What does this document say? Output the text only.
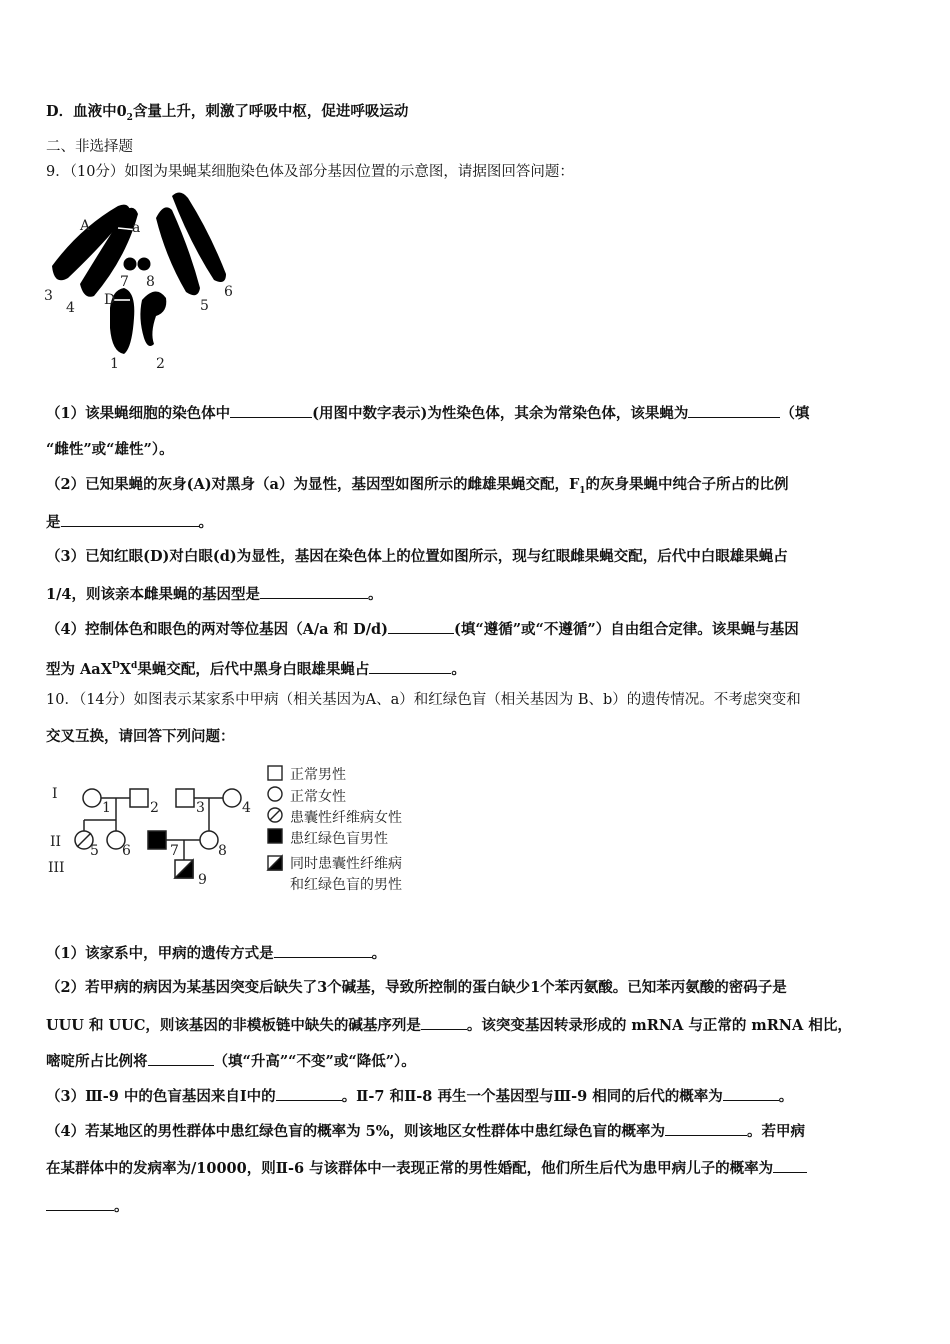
D．血液中$0_2$含量上升，刺激了呼吸中枢，促进呼吸运动
二、非选择题
9．（10分）如图为果蝇某细胞染色体及部分基因位置的示意图，请据图回答问题：
A	a
D
1	2
3
4	5
6
7 8
（1）该果蝇细胞的染色体中	(用图中数字表示)为性染色体，其余为常染色体，该果蝇为	（填
“雌性”或“雄性”）。
（2）已知果蝇的灰身(A)对黑身（a）为显性，基因型如图所示的雌雄果蝇交配，$F_1$的灰身果蝇中纯合子所占的比例
是	。
（3）已知红眼(D)对白眼(d)为显性，基因在染色体上的位置如图所示，现与红眼雌果蝇交配，后代中白眼雄果蝇占
1/4，则该亲本雌果蝇的基因型是	。
（4）控制体色和眼色的两对等位基因（A/a 和 D/d)	(填“遵循”或“不遵循”）自由组合定律。该果蝇与基因
型为 $AaX^DX^d$果蝇交配，后代中黑身白眼雄果蝇占	。
10．（14分）如图表示某家系中甲病（相关基因为A、a）和红绿色盲（相关基因为 B、b）的遗传情况。不考虑突变和
交叉互换，请回答下列问题：
I
II
III
1	2	3	4
5 6	7	8
9
正常男性
正常女性
患囊性纤维病女性
患红绿色盲男性
同时患囊性纤维病
和红绿色盲的男性
（1）该家系中，甲病的遗传方式是	。
（2）若甲病的病因为某基因突变后缺失了3个碱基，导致所控制的蛋白缺少1个苯丙氨酸。已知苯丙氨酸的密码子是
UUU 和 UUC，则该基因的非模板链中缺失的碱基序列是	。该突变基因转录形成的 mRNA 与正常的 mRNA 相比，
嘧啶所占比例将	（填“升高”“不变”或“降低”）。
（3）Ⅲ-9 中的色盲基因来自Ⅰ中的	。Ⅱ-7 和Ⅱ-8 再生一个基因型与Ⅲ-9 相同的后代的概率为	。
（4）若某地区的男性群体中患红绿色盲的概率为 5%，则该地区女性群体中患红绿色盲的概率为	。若甲病
在某群体中的发病率为/10000，则Ⅱ-6 与该群体中一表现正常的男性婚配，他们所生后代为患甲病儿子的概率为
。
